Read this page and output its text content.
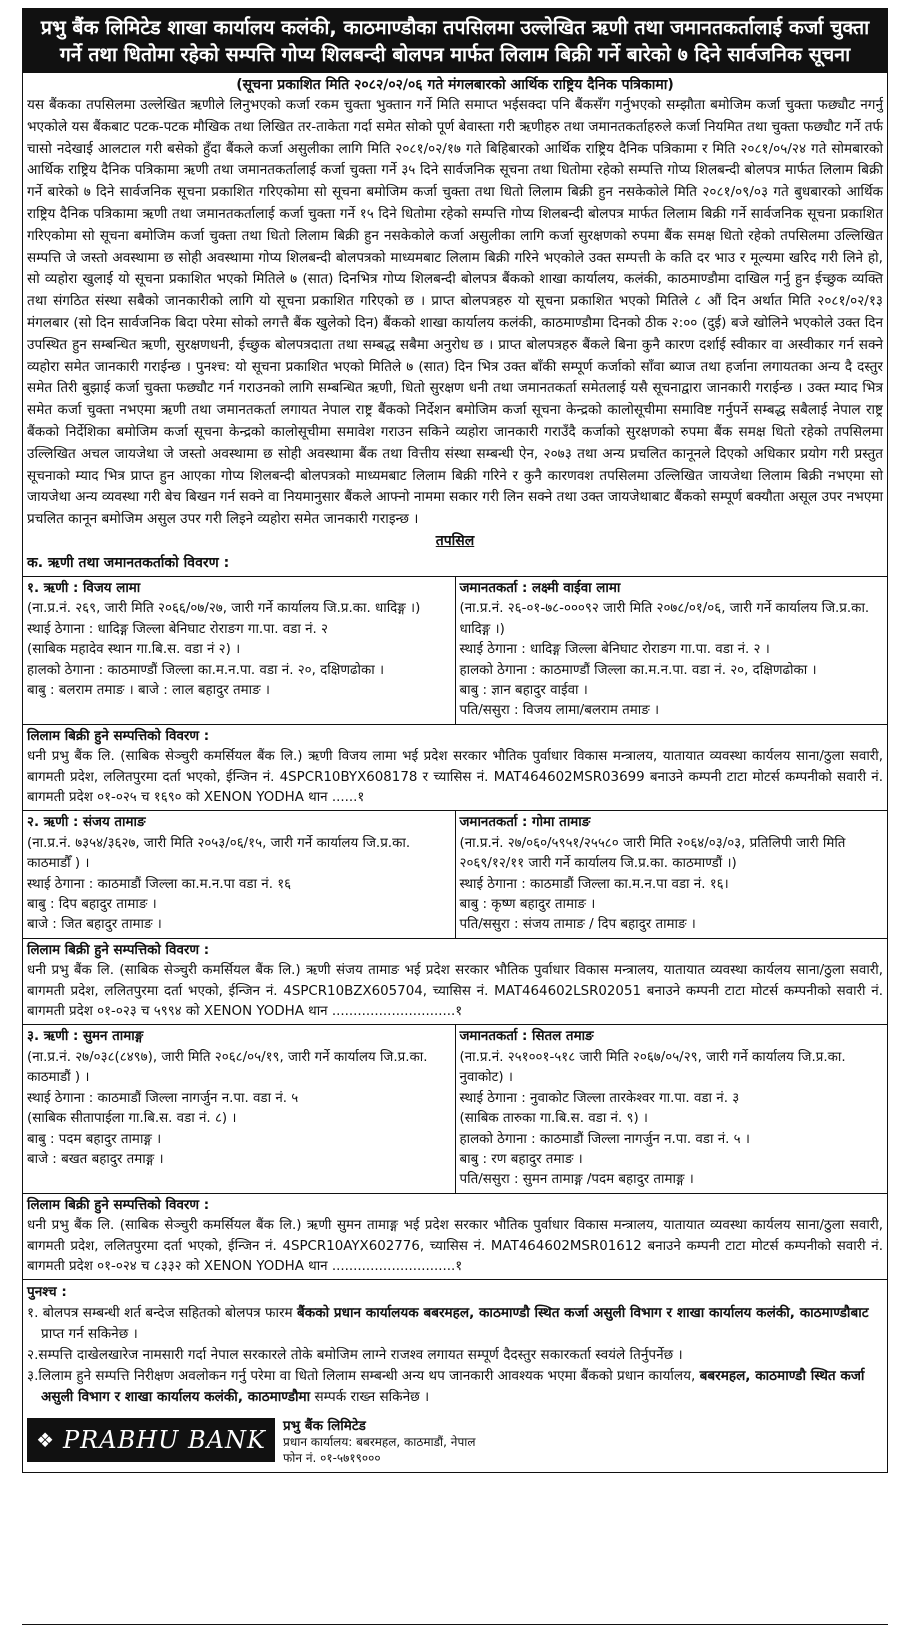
प्रभु बैंक लिमिटेड शाखा कार्यालय कलंकी, काठमाण्डौका तपसिलमा उल्लेखित ऋणी तथा जमानतकर्तालाई कर्जा चुक्ता गर्ने तथा धितोमा रहेको सम्पत्ति गोप्य शिलबन्दी बोलपत्र मार्फत लिलाम बिक्री गर्ने बारेको ७ दिने सार्वजनिक सूचना
(सूचना प्रकाशित मिति २०८२/०२/०६ गते मंगलबारको आर्थिक राष्ट्रिय दैनिक पत्रिकामा)
यस बैंकका तपसिलमा उल्लेखित ऋणीले लिनुभएको कर्जा रकम चुक्ता भुक्तान गर्ने मिति समाप्त भईसक्दा पनि बैंकसँग गर्नुभएको सम्झौता बमोजिम कर्जा चुक्ता फछ्यौट नगर्नु भएकोले यस बैंकबाट पटक-पटक मौखिक तथा लिखित तर-ताकेता गर्दा समेत सोको पूर्ण बेवास्ता गरी ऋणीहरु तथा जमानतकर्ताहरुले कर्जा नियमित तथा चुक्ता फछ्यौट गर्ने तर्फ चासो नदेखाई आलटाल गरी बसेको हुँदा बैंकले कर्जा असुलीका लागि मिति २०८१/०२/१७ गते बिहिबारको आर्थिक राष्ट्रिय दैनिक पत्रिकामा र मिति २०८१/०५/२४ गते सोमबारको आर्थिक राष्ट्रिय दैनिक पत्रिकामा ऋणी तथा जमानतकर्तालाई कर्जा चुक्ता गर्ने ३५ दिने सार्वजनिक सूचना तथा धितोमा रहेको सम्पत्ति गोप्य शिलबन्दी बोलपत्र मार्फत लिलाम बिक्री गर्ने बारेको ७ दिने सार्वजनिक सूचना प्रकाशित गरिएकोमा सो सूचना बमोजिम कर्जा चुक्ता तथा धितो लिलाम बिक्री हुन नसकेकोले मिति २०८१/०९/०३ गते बुधबारको आर्थिक राष्ट्रिय दैनिक पत्रिकामा ऋणी तथा जमानतकर्तालाई कर्जा चुक्ता गर्ने १५ दिने धितोमा रहेको सम्पत्ति गोप्य शिलबन्दी बोलपत्र मार्फत लिलाम बिक्री गर्ने सार्वजनिक सूचना प्रकाशित गरिएकोमा सो सूचना बमोजिम कर्जा चुक्ता तथा धितो लिलाम बिक्री हुन नसकेकोले कर्जा असुलीका लागि कर्जा सुरक्षणको रुपमा बैंक समक्ष धितो रहेको तपसिलमा उल्लिखित सम्पत्ति जे जस्तो अवस्थामा छ सोही अवस्थामा गोप्य शिलबन्दी बोलपत्रको माध्यमबाट लिलाम बिक्री गरिने भएकोले उक्त सम्पत्ती के कति दर भाउ र मूल्यमा खरिद गरी लिने हो, सो व्यहोरा खुलाई यो सूचना प्रकाशित भएको मितिले ७ (सात) दिनभित्र गोप्य शिलबन्दी बोलपत्र बैंकको शाखा कार्यालय, कलंकी, काठमाण्डौमा दाखिल गर्नु हुन ईच्छुक व्यक्ति तथा संगठित संस्था सबैको जानकारीको लागि यो सूचना प्रकाशित गरिएको छ । प्राप्त बोलपत्रहरु यो सूचना प्रकाशित भएको मितिले ८ औं दिन अर्थात मिति २०८१/०२/१३ मंगलबार (सो दिन सार्वजनिक बिदा परेमा सोको लगत्तै बैंक खुलेको दिन) बैंकको शाखा कार्यालय कलंकी, काठमाण्डौमा दिनको ठीक २:०० (दुई) बजे खोलिने भएकोले उक्त दिन उपस्थित हुन सम्बन्धित ऋणी, सुरक्षणधनी, ईच्छुक बोलपत्रदाता तथा सम्बद्ध सबैमा अनुरोध छ । प्राप्त बोलपत्रहरु बैंकले बिना कुनै कारण दर्शाई स्वीकार वा अस्वीकार गर्न सक्ने व्यहोरा समेत जानकारी गराईन्छ । पुनश्च: यो सूचना प्रकाशित भएको मितिले ७ (सात) दिन भित्र उक्त बाँकी सम्पूर्ण कर्जाको साँवा ब्याज तथा हर्जाना लगायतका अन्य दै दस्तुर समेत तिरी बुझाई कर्जा चुक्ता फछ्यौट गर्न गराउनको लागि सम्बन्धित ऋणी, धितो सुरक्षण धनी तथा जमानतकर्ता समेतलाई यसै सूचनाद्वारा जानकारी गराईन्छ । उक्त म्याद भित्र समेत कर्जा चुक्ता नभएमा ऋणी तथा जमानतकर्ता लगायत नेपाल राष्ट्र बैंकको निर्देशन बमोजिम कर्जा सूचना केन्द्रको कालोसूचीमा समाविष्ट गर्नुपर्ने सम्बद्ध सबैलाई नेपाल राष्ट्र बैंकको निर्देशिका बमोजिम कर्जा सूचना केन्द्रको कालोसूचीमा समावेश गराउन सकिने व्यहोरा जानकारी गराउँदै कर्जाको सुरक्षणको रुपमा बैंक समक्ष धितो रहेको तपसिलमा उल्लिखित अचल जायजेथा जे जस्तो अवस्थामा छ सोही अवस्थामा बैंक तथा वित्तीय संस्था सम्बन्धी ऐन, २०७३ तथा अन्य प्रचलित कानूनले दिएको अधिकार प्रयोग गरी प्रस्तुत सूचनाको म्याद भित्र प्राप्त हुन आएका गोप्य शिलबन्दी बोलपत्रको माध्यमबाट लिलाम बिक्री गरिने र कुनै कारणवश तपसिलमा उल्लिखित जायजेथा लिलाम बिक्री नभएमा सो जायजेथा अन्य व्यवस्था गरी बेच बिखन गर्न सक्ने वा नियमानुसार बैंकले आफ्नो नाममा सकार गरी लिन सक्ने तथा उक्त जायजेथाबाट बैंकको सम्पूर्ण बक्यौता असूल उपर नभएमा प्रचलित कानून बमोजिम असुल उपर गरी लिइने व्यहोरा समेत जानकारी गराइन्छ ।
तपसिल
क. ऋणी तथा जमानतकर्ताको विवरण :
१. ऋणी : विजय लामा
(ना.प्र.नं. २६९, जारी मिति २०६६/०७/२७, जारी गर्ने कार्यालय जि.प्र.का. धादिङ्ग ।)
स्थाई ठेगाना : धादिङ्ग जिल्ला बेनिघाट रोराङग गा.पा. वडा नं. २
(साबिक महादेव स्थान गा.बि.स. वडा नं २) ।
हालको ठेगाना : काठमाण्डौं जिल्ला का.म.न.पा. वडा नं. २०, दक्षिणढोका ।
बाबु : बलराम तमाङ । बाजे : लाल बहादुर तमाङ ।
जमानतकर्ता : लक्ष्मी वाईवा लामा
(ना.प्र.नं. २६-०१-७८-०००९२ जारी मिति २०७८/०१/०६, जारी गर्ने कार्यालय जि.प्र.का. धादिङ्ग ।)
स्थाई ठेगाना : धादिङ्ग जिल्ला बेनिघाट रोराङग गा.पा. वडा नं. २ ।
हालको ठेगाना : काठमाण्डौं जिल्ला का.म.न.पा. वडा नं. २०, दक्षिणढोका ।
बाबु : ज्ञान बहादुर वाईवा ।
पति/ससुरा : विजय लामा/बलराम तमाङ ।
लिलाम बिक्री हुने सम्पत्तिको विवरण :
धनी प्रभु बैंक लि. (साबिक सेञ्चुरी कमर्सियल बैंक लि.) ऋणी विजय लामा भई प्रदेश सरकार भौतिक पुर्वाधार विकास मन्त्रालय, यातायात व्यवस्था कार्यलय साना/ठुला सवारी, बागमती प्रदेश, ललितपुरमा दर्ता भएको, ईन्जिन नं. 4SPCR10BYX608178 र च्यासिस नं. MAT464602MSR03699 बनाउने कम्पनी टाटा मोटर्स कम्पनीको सवारी नं. बागमती प्रदेश ०१-०२५ च १६९० को XENON YODHA थान ......१
२. ऋणी : संजय तामाङ
(ना.प्र.नं. ७३५४/३६२७, जारी मिति २०५३/०६/१५, जारी गर्ने कार्यालय जि.प्र.का. काठमाडौँ ) ।
स्थाई ठेगाना : काठमाडौं जिल्ला का.म.न.पा वडा नं. १६
बाबु : दिप बहादुर तामाङ ।
बाजे : जित बहादुर तामाङ ।
जमानतकर्ता : गोमा तामाङ
(ना.प्र.नं. २७/०६०/५९५१/२५५८० जारी मिति २०६४/०३/०३, प्रतिलिपी जारी मिति २०६९/१२/११ जारी गर्ने कार्यालय जि.प्र.का. काठमाण्डौं ।)
स्थाई ठेगाना : काठमाडौं जिल्ला का.म.न.पा वडा नं. १६।
बाबु : कृष्ण बहादुर तामाङ ।
पति/ससुरा : संजय तामाङ / दिप बहादुर तामाङ ।
लिलाम बिक्री हुने सम्पत्तिको विवरण :
धनी प्रभु बैंक लि. (साबिक सेञ्चुरी कमर्सियल बैंक लि.) ऋणी संजय तामाङ भई प्रदेश सरकार भौतिक पुर्वाधार विकास मन्त्रालय, यातायात व्यवस्था कार्यलय साना/ठुला सवारी, बागमती प्रदेश, ललितपुरमा दर्ता भएको, ईन्जिन नं. 4SPCR10BZX605704, च्यासिस नं. MAT464602LSR02051 बनाउने कम्पनी टाटा मोटर्स कम्पनीको सवारी नं. बागमती प्रदेश ०१-०२३ च ५९९४ को XENON YODHA थान .............................१
३. ऋणी : सुमन तामाङ्ग
(ना.प्र.नं. २७/०३८(८४९७), जारी मिति २०६८/०५/१९, जारी गर्ने कार्यालय जि.प्र.का. काठमाडौं ) ।
स्थाई ठेगाना : काठमाडौं जिल्ला नागर्जुन न.पा. वडा नं. ५
(साबिक सीतापाईला गा.बि.स. वडा नं. ८) ।
बाबु : पदम बहादुर तामाङ्ग ।
बाजे : बखत बहादुर तमाङ्ग ।
जमानतकर्ता : सितल तमाङ
(ना.प्र.नं. २५१००१-५१८ जारी मिति २०६७/०५/२९, जारी गर्ने कार्यालय जि.प्र.का. नुवाकोट) ।
स्थाई ठेगाना : नुवाकोट जिल्ला तारकेश्वर गा.पा. वडा नं. ३
(साबिक तारुका गा.बि.स. वडा नं. ९) ।
हालको ठेगाना : काठमाडौं जिल्ला नागर्जुन न.पा. वडा नं. ५ ।
बाबु : रण बहादुर तमाङ ।
पति/ससुरा : सुमन तामाङ्ग /पदम बहादुर तामाङ्ग ।
लिलाम बिक्री हुने सम्पत्तिको विवरण :
धनी प्रभु बैंक लि. (साबिक सेञ्चुरी कमर्सियल बैंक लि.) ऋणी सुमन तामाङ्ग भई प्रदेश सरकार भौतिक पुर्वाधार विकास मन्त्रालय, यातायात व्यवस्था कार्यलय साना/ठुला सवारी, बागमती प्रदेश, ललितपुरमा दर्ता भएको, ईन्जिन नं. 4SPCR10AYX602776, च्यासिस नं. MAT464602MSR01612 बनाउने कम्पनी टाटा मोटर्स कम्पनीको सवारी नं. बागमती प्रदेश ०१-०२४ च ८३३२ को XENON YODHA थान .............................१
पुनश्च :
१. बोलपत्र सम्बन्धी शर्त बन्देज सहितको बोलपत्र फारम बैंकको प्रधान कार्यालयक बबरमहल, काठमाण्डौ स्थित कर्जा असुली विभाग र शाखा कार्यालय कलंकी, काठमाण्डौबाट प्राप्त गर्न सकिनेछ ।
२.सम्पत्ति दाखेलखारेज नामसारी गर्दा नेपाल सरकारले तोके बमोजिम लाग्ने राजश्व लगायत सम्पूर्ण दैदस्तुर सकारकर्ता स्वयंले तिर्नुपर्नेछ ।
३.लिलाम हुने सम्पत्ति निरीक्षण अवलोकन गर्नु परेमा वा धितो लिलाम सम्बन्धी अन्य थप जानकारी आवश्यक भएमा बैंकको प्रधान कार्यालय, बबरमहल, काठमाण्डौ स्थित कर्जा असुली विभाग र शाखा कार्यालय कलंकी, काठमाण्डौमा सम्पर्क राख्न सकिनेछ ।
❖ PRABHU BANK प्रभु बैंक लिमिटेड
प्रधान कार्यालय: बबरमहल, काठमाडौं, नेपाल
फोन नं. ०१-५७१९०००
